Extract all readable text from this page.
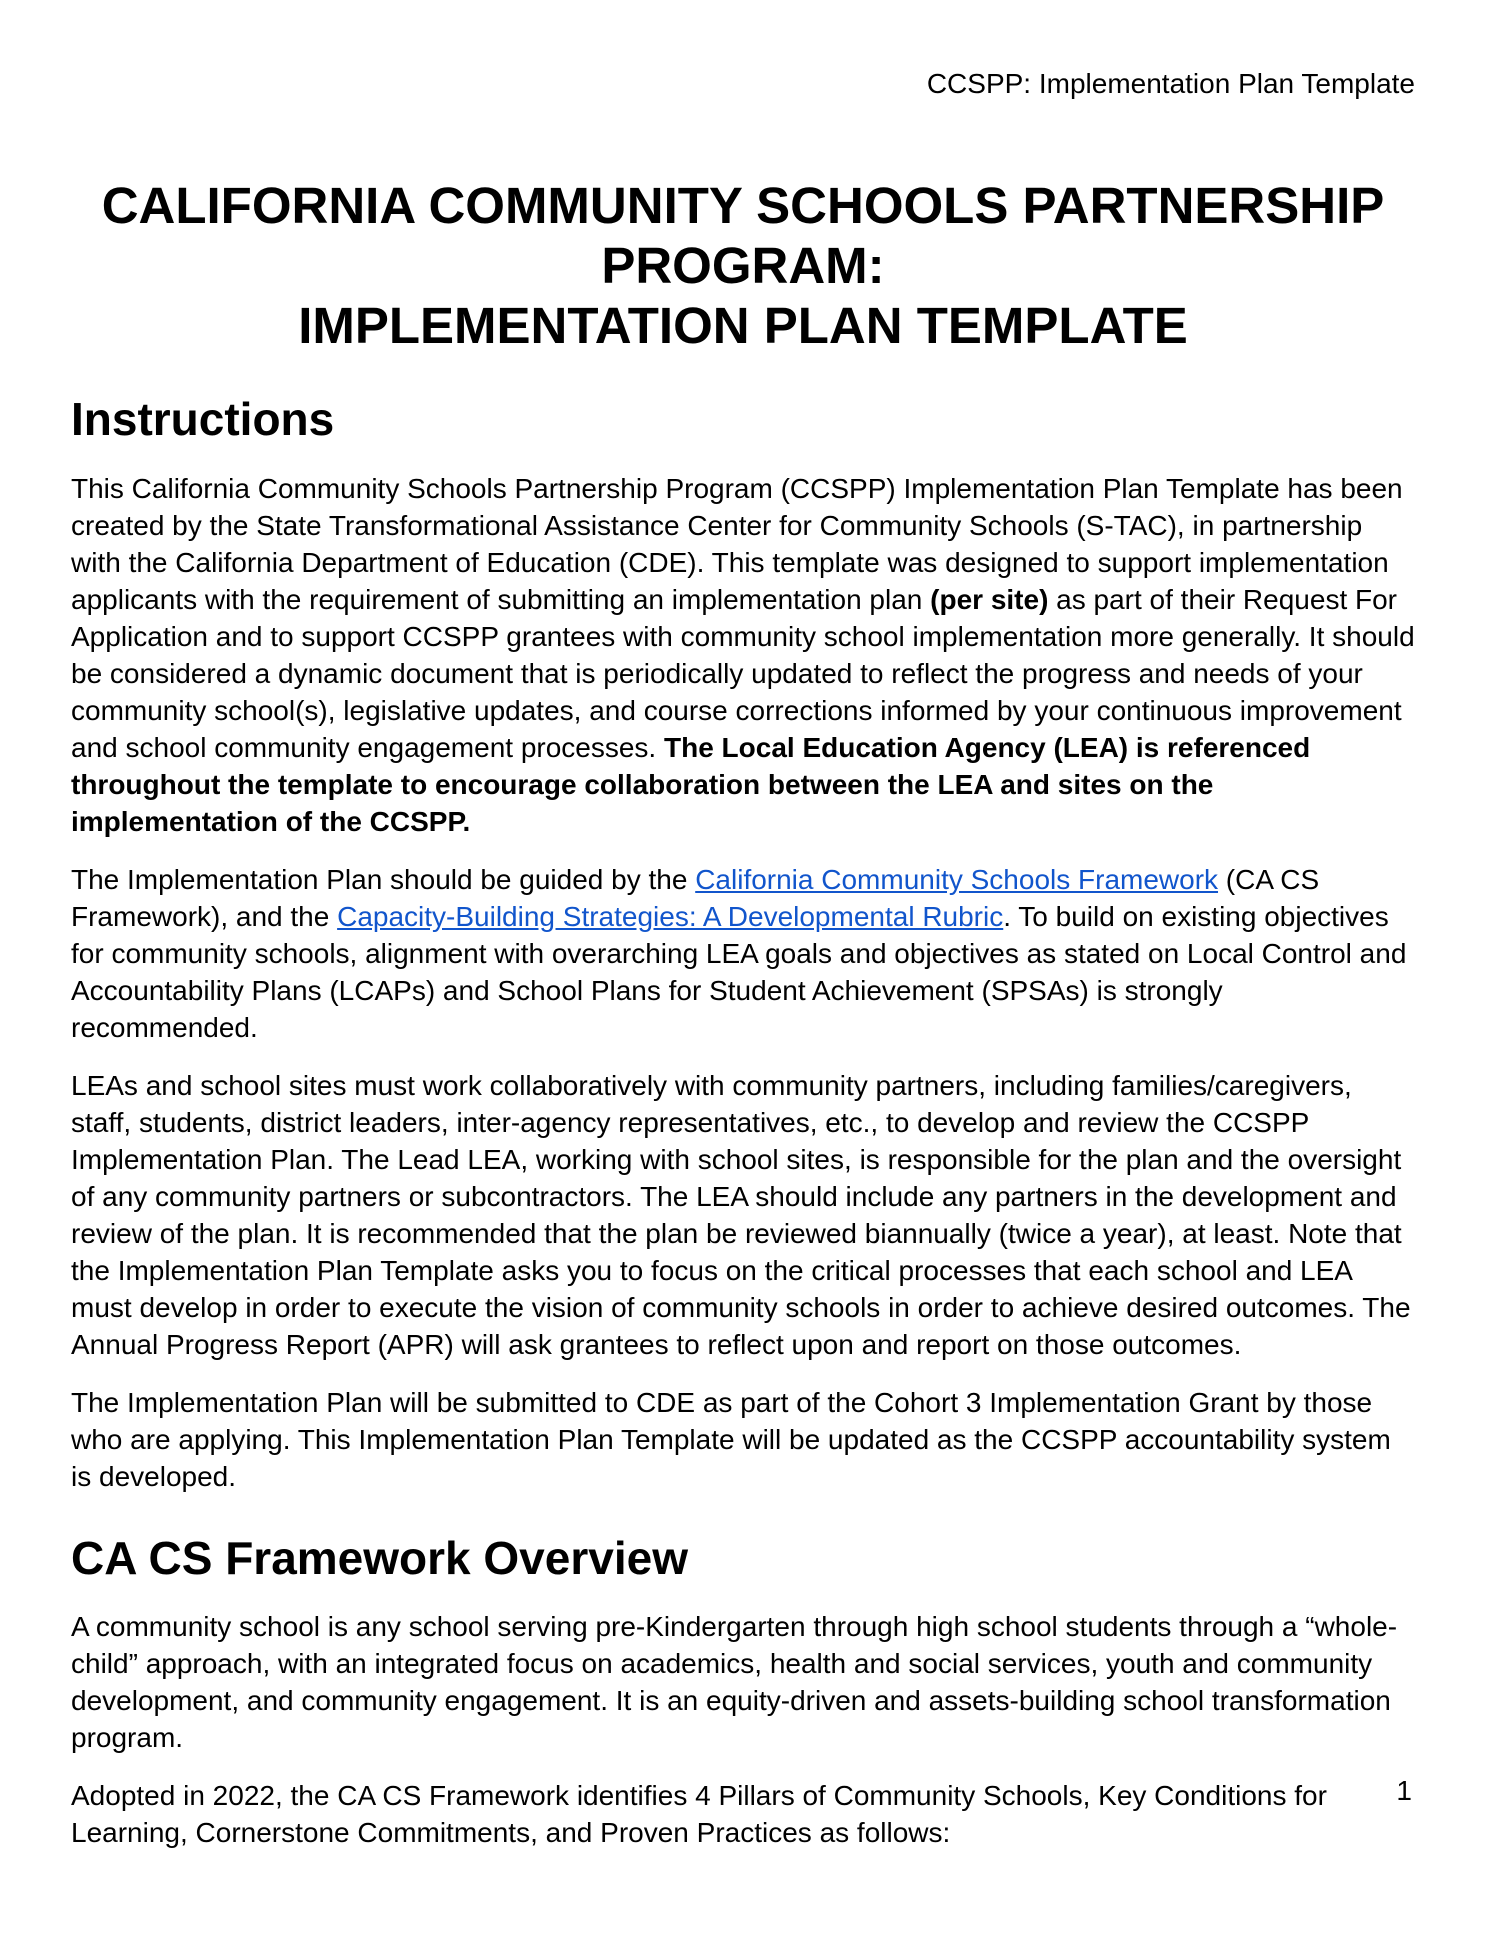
CCSPP: Implementation Plan Template
CALIFORNIA COMMUNITY SCHOOLS PARTNERSHIP
PROGRAM:
IMPLEMENTATION PLAN TEMPLATE
Instructions

This California Community Schools Partnership Program (CCSPP) Implementation Plan Template has been created by the State Transformational Assistance Center for Community Schools (S-TAC), in partnership with the California Department of Education (CDE). This template was designed to support implementation applicants with the requirement of submitting an implementation plan (per site) as part of their Request For Application and to support CCSPP grantees with community school implementation more generally. It should be considered a dynamic document that is periodically updated to reflect the progress and needs of your community school(s), legislative updates, and course corrections informed by your continuous improvement and school community engagement processes. The Local Education Agency (LEA) is referenced throughout the template to encourage collaboration between the LEA and sites on the implementation of the CCSPP.

The Implementation Plan should be guided by the California Community Schools Framework (CA CS Framework), and the Capacity-Building Strategies: A Developmental Rubric. To build on existing objectives for community schools, alignment with overarching LEA goals and objectives as stated on Local Control and Accountability Plans (LCAPs) and School Plans for Student Achievement (SPSAs) is strongly recommended.

LEAs and school sites must work collaboratively with community partners, including families/caregivers, staff, students, district leaders, inter-agency representatives, etc., to develop and review the CCSPP Implementation Plan. The Lead LEA, working with school sites, is responsible for the plan and the oversight of any community partners or subcontractors. The LEA should include any partners in the development and review of the plan. It is recommended that the plan be reviewed biannually (twice a year), at least. Note that the Implementation Plan Template asks you to focus on the critical processes that each school and LEA must develop in order to execute the vision of community schools in order to achieve desired outcomes. The Annual Progress Report (APR) will ask grantees to reflect upon and report on those outcomes.

The Implementation Plan will be submitted to CDE as part of the Cohort 3 Implementation Grant by those who are applying. This Implementation Plan Template will be updated as the CCSPP accountability system is developed.

CA CS Framework Overview

A community school is any school serving pre-Kindergarten through high school students through a “whole-child” approach, with an integrated focus on academics, health and social services, youth and community development, and community engagement. It is an equity-driven and assets-building school transformation program.

Adopted in 2022, the CA CS Framework identifies 4 Pillars of Community Schools, Key Conditions for Learning, Cornerstone Commitments, and Proven Practices as follows:

1
